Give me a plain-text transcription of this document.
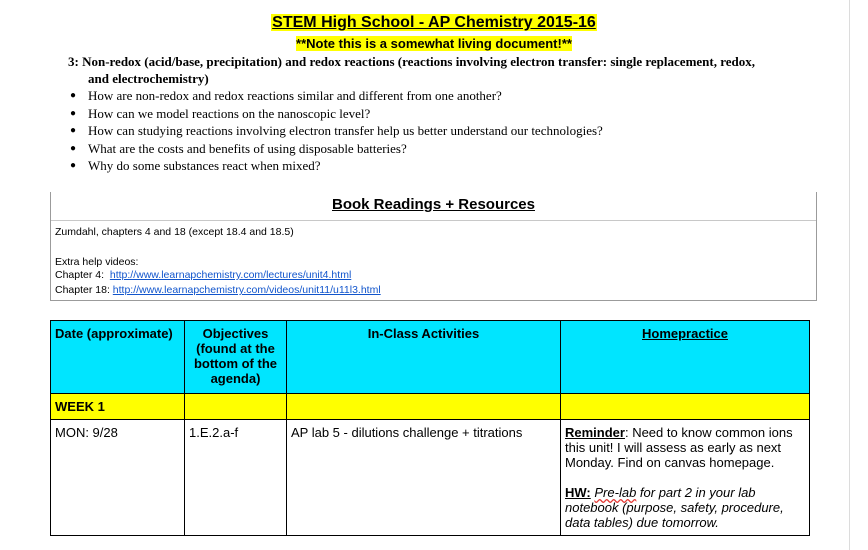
STEM High School - AP Chemistry 2015-16
**Note this is a somewhat living document!**
3: Non-redox (acid/base, precipitation) and redox reactions (reactions involving electron transfer: single replacement, redox,
and electrochemistry)
● How are non-redox and redox reactions similar and different from one another?
● How can we model reactions on the nanoscopic level?
● How can studying reactions involving electron transfer help us better understand our technologies?
● What are the costs and benefits of using disposable batteries?
● Why do some substances react when mixed?
Book Readings + Resources
Zumdahl, chapters 4 and 18 (except 18.4 and 18.5)
Extra help videos:
Chapter 4: http://www.learnapchemistry.com/lectures/unit4.html
Chapter 18: http://www.learnapchemistry.com/videos/unit11/u11l3.html
Date (approximate)	Objectives (found at the bottom of the agenda)	In-Class Activities	Homepractice
WEEK 1			
MON: 9/28	1.E.2.a-f	AP lab 5 - dilutions challenge + titrations	Reminder: Need to know common ions this unit! I will assess as early as next Monday. Find on canvas homepage.
HW: Pre-lab for part 2 in your lab notebook (purpose, safety, procedure, data tables) due tomorrow.
